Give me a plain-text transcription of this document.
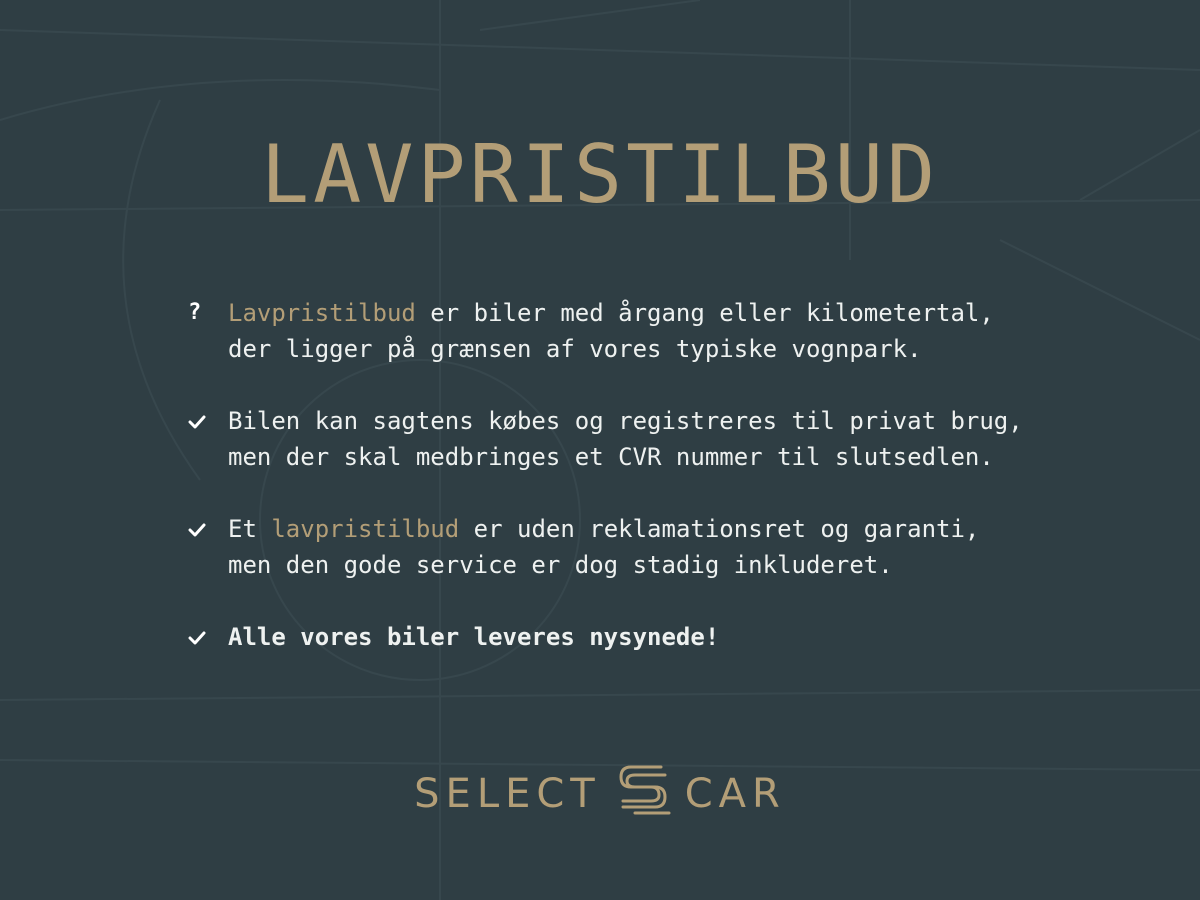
LAVPRISTILBUD
?	Lavpristilbud er biler med årgang eller kilometertal,
der ligger på grænsen af vores typiske vognpark.
Bilen kan sagtens købes og registreres til privat brug,
men der skal medbringes et CVR nummer til slutsedlen.
Et lavpristilbud er uden reklamationsret og garanti,
men den gode service er dog stadig inkluderet.
Alle vores biler leveres nysynede!
SELECT CAR
